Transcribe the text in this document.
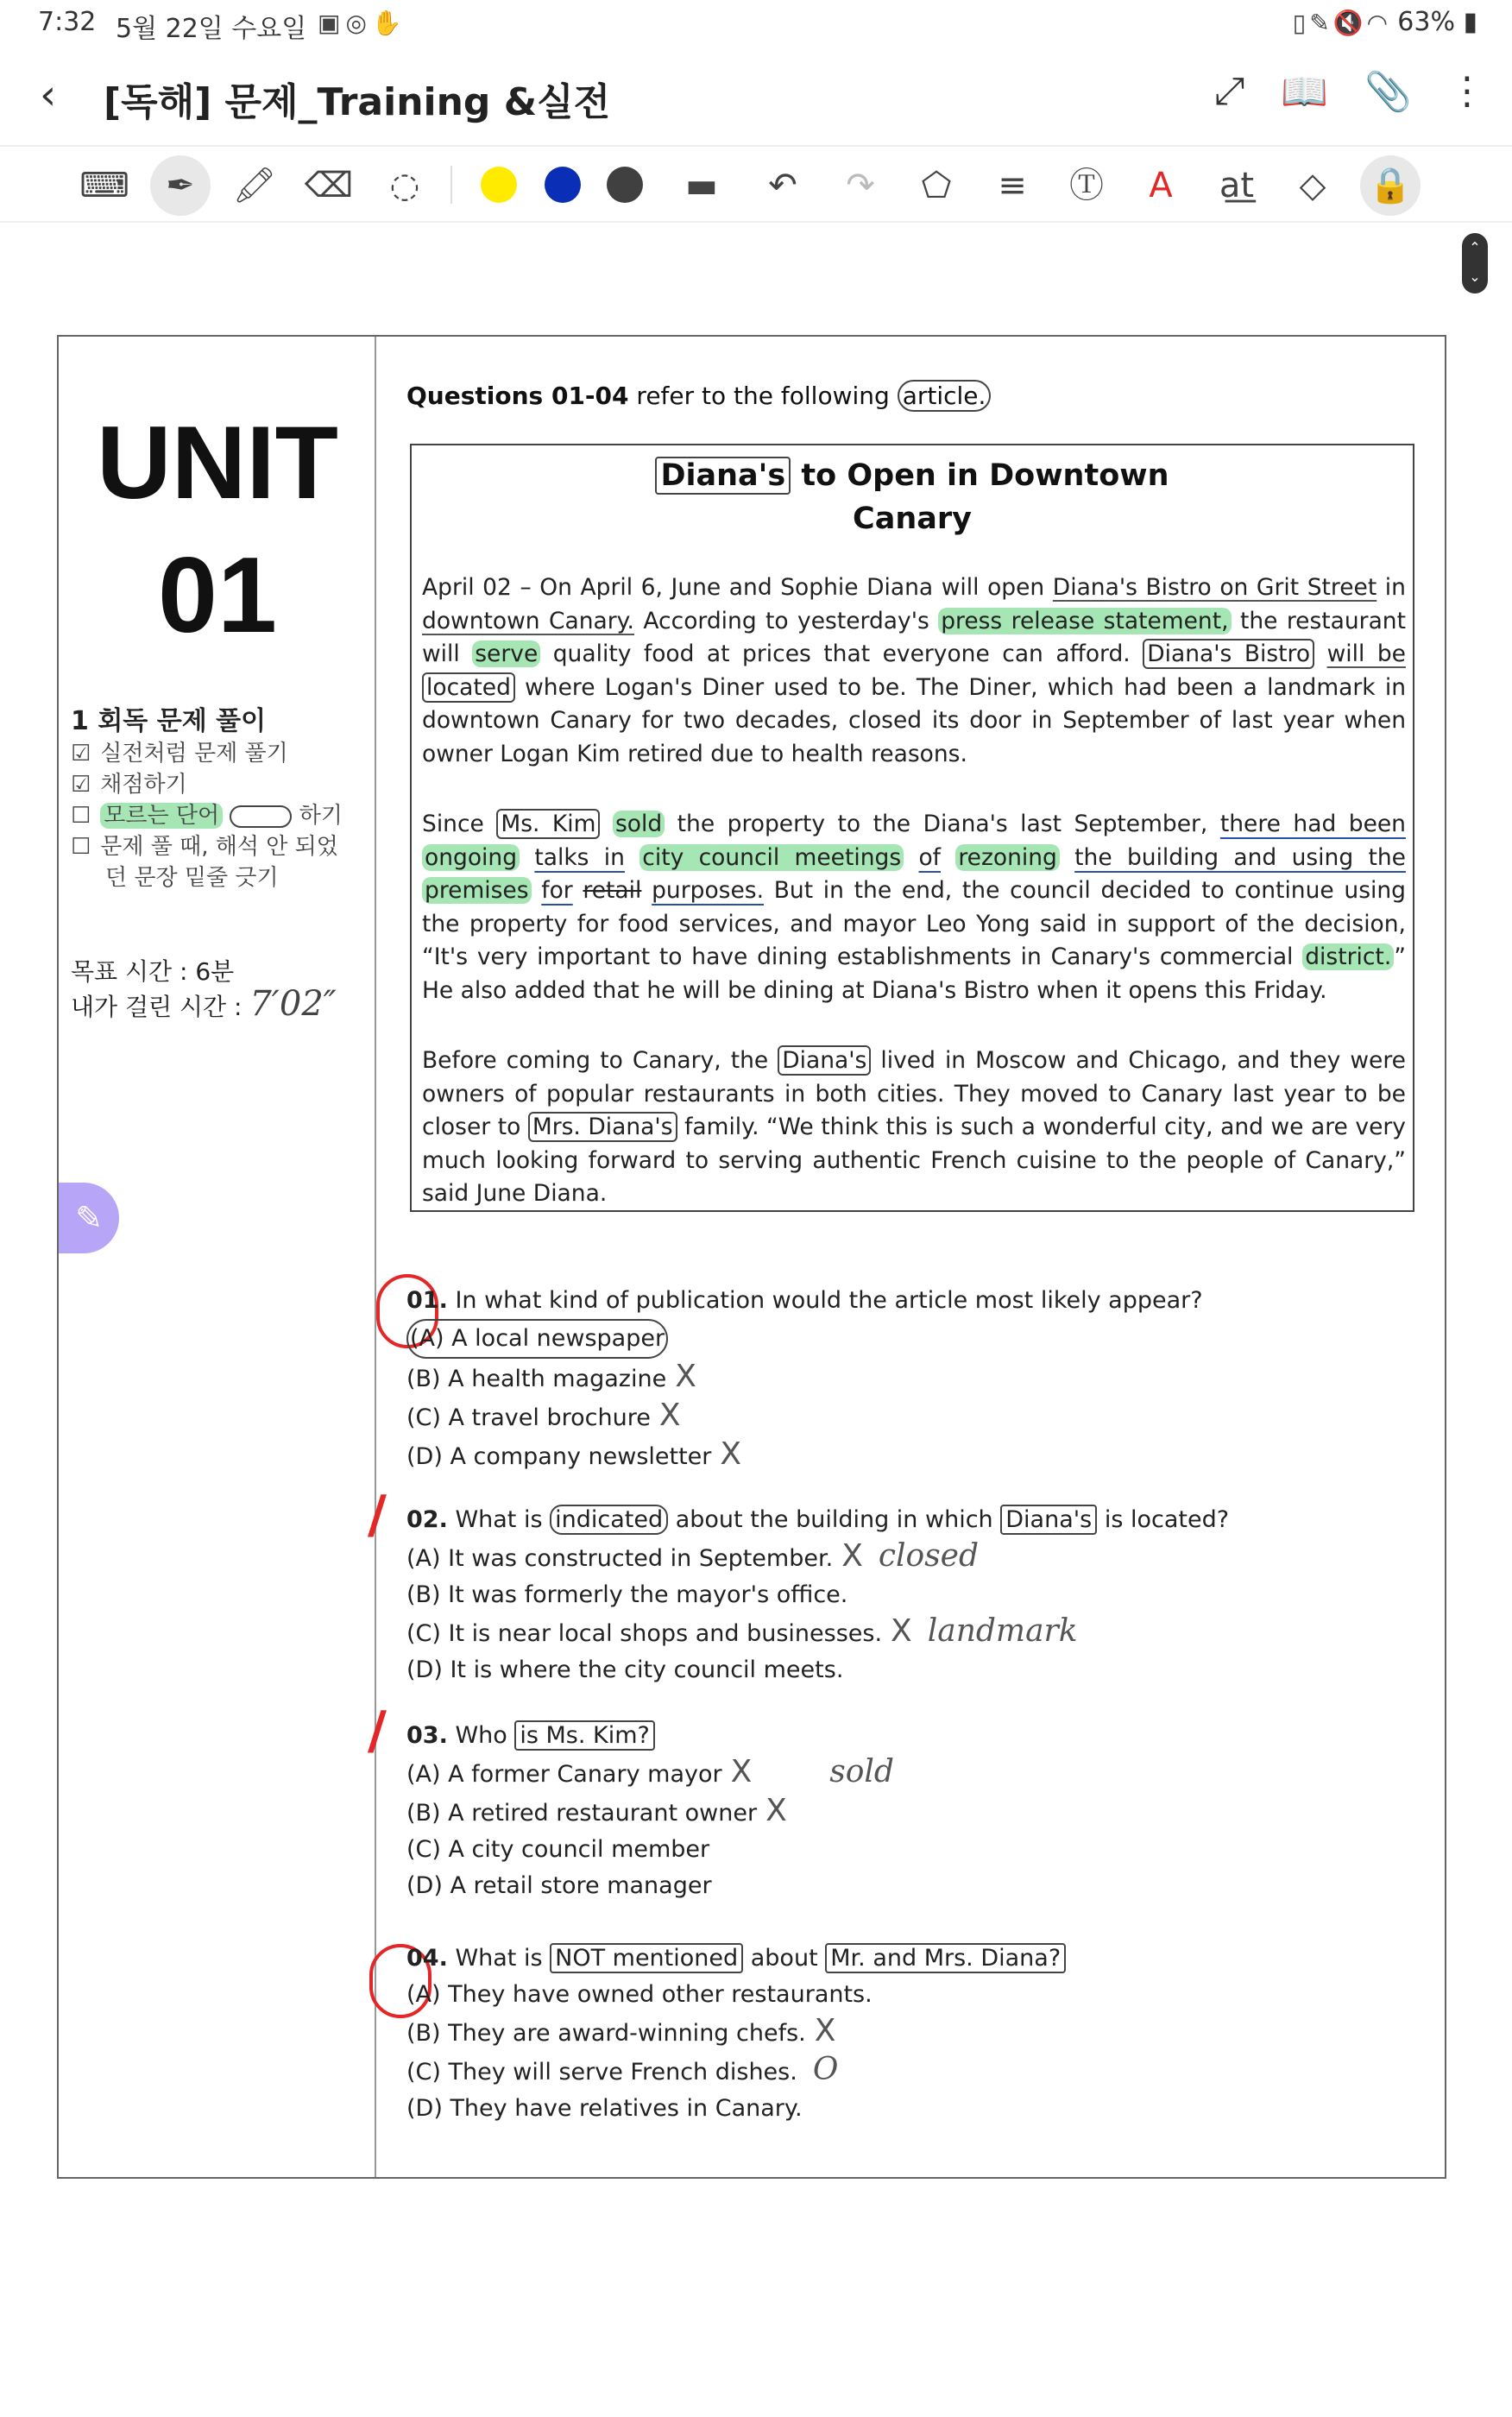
7:32 5월 22일 수요일 ▣◎✋	▯✎🔇◠ 63% ▮
‹ [독해] 문제_Training &실전	⤢ 📖 📎 ⋮
⌨	✒	🖍 ⌫	◌	▬	↶	↷	⬠	≡	Ⓣ	A	a͟t	◇	🔒
⌃
⌄
UNIT
01
1 회독 문제 풀이
☑ 실전처럼 문제 풀기
☑ 채점하기
☐ 모르는 단어	하기
☐ 문제 풀 때, 해석 안 되었
던 문장 밑줄 긋기
목표 시간 : 6분
내가 걸린 시간 : 7′02″
✎
Questions 01-04 refer to the following article.
Diana's to Open in Downtown
Canary
April 02 – On April 6, June and Sophie Diana will open Diana's Bistro on Grit Street in downtown Canary. According to yesterday's press release statement, the restaurant will serve quality food at prices that everyone can afford. Diana's Bistro will be located where Logan's Diner used to be. The Diner, which had been a landmark in downtown Canary for two decades, closed its door in September of last year when owner Logan Kim retired due to health reasons.
Since Ms. Kim sold the property to the Diana's last September, there had been ongoing talks in city council meetings of rezoning the building and using the premises for retail purposes. But in the end, the council decided to continue using the property for food services, and mayor Leo Yong said in support of the decision, “It's very important to have dining establishments in Canary's commercial district. ” He also added that he will be dining at Diana's Bistro when it opens this Friday.
Before coming to Canary, the Diana's lived in Moscow and Chicago, and they were owners of popular restaurants in both cities. They moved to Canary last year to be closer to Mrs. Diana's family. “We think this is such a wonderful city, and we are very much looking forward to serving authentic French cuisine to the people of Canary,” said June Diana.
01. In what kind of publication would the article most likely appear?
(A) A local newspaper
(B) A health magazine X
(C) A travel brochure X
(D) A company newsletter X
/ 02. What is indicated about the building in which Diana's is located?
(A) It was constructed in September. X closed
(B) It was formerly the mayor's office.
(C) It is near local shops and businesses. X landmark
(D) It is where the city council meets.
/ 03. Who is Ms. Kim?
(A) A former Canary mayor X	sold
(B) A retired restaurant owner X
(C) A city council member
(D) A retail store manager
04. What is NOT mentioned about Mr. and Mrs. Diana?
(A) They have owned other restaurants.
(B) They are award-winning chefs. X
(C) They will serve French dishes. O
(D) They have relatives in Canary.
